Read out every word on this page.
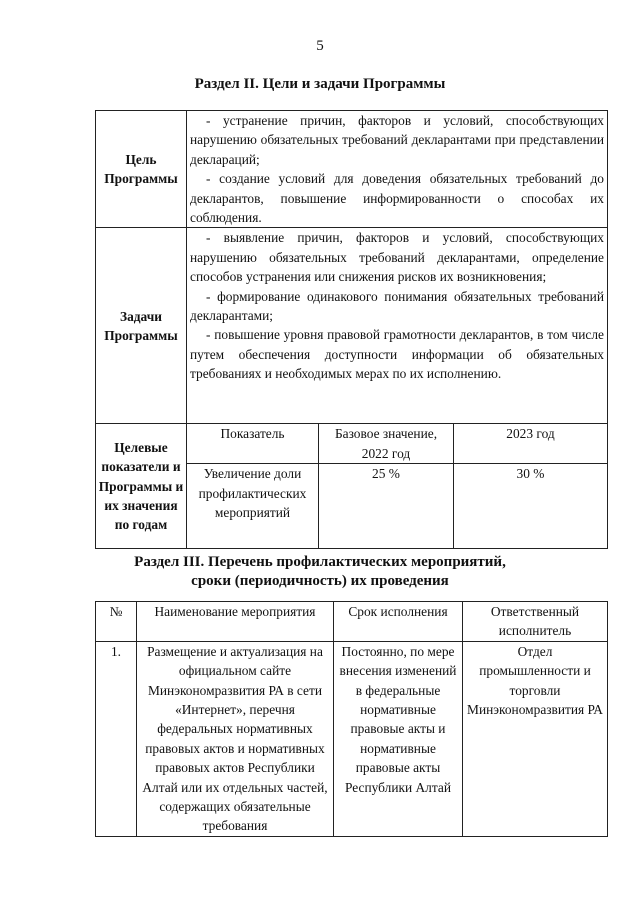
5
Раздел II. Цели и задачи Программы
Цель Программы	- устранение причин, факторов и условий, способствующих нарушению обязательных требований декларантами при представлении деклараций;

- создание условий для доведения обязательных требований до декларантов, повышение информированности о способах их соблюдения.		

Задачи Программы	- выявление причин, факторов и условий, способствующих нарушению обязательных требований декларантами, определение способов устранения или снижения рисков их возникновения;

- формирование одинакового понимания обязательных требований декларантами;

- повышение уровня правовой грамотности декларантов, в том числе путем обеспечения доступности информации об обязательных требованиях и необходимых мерах по их исполнению.		

Целевые показатели и Программы и их значения по годам	Показатель	Базовое значение, 2022 год	2023 год
	Увеличение доли профилактических мероприятий	25 %	30 %
Раздел III. Перечень профилактических мероприятий,
сроки (периодичность) их проведения
№	Наименование мероприятия	Срок исполнения	Ответственный исполнитель
1.	Размещение и актуализация на официальном сайте Минэкономразвития РА в сети «Интернет», перечня федеральных нормативных правовых актов и нормативных правовых актов Республики Алтай или их отдельных частей, содержащих обязательные требования	Постоянно, по мере внесения изменений в федеральные нормативные правовые акты и нормативные правовые акты Республики Алтай	Отдел промышленности и торговли Минэкономразвития РА
